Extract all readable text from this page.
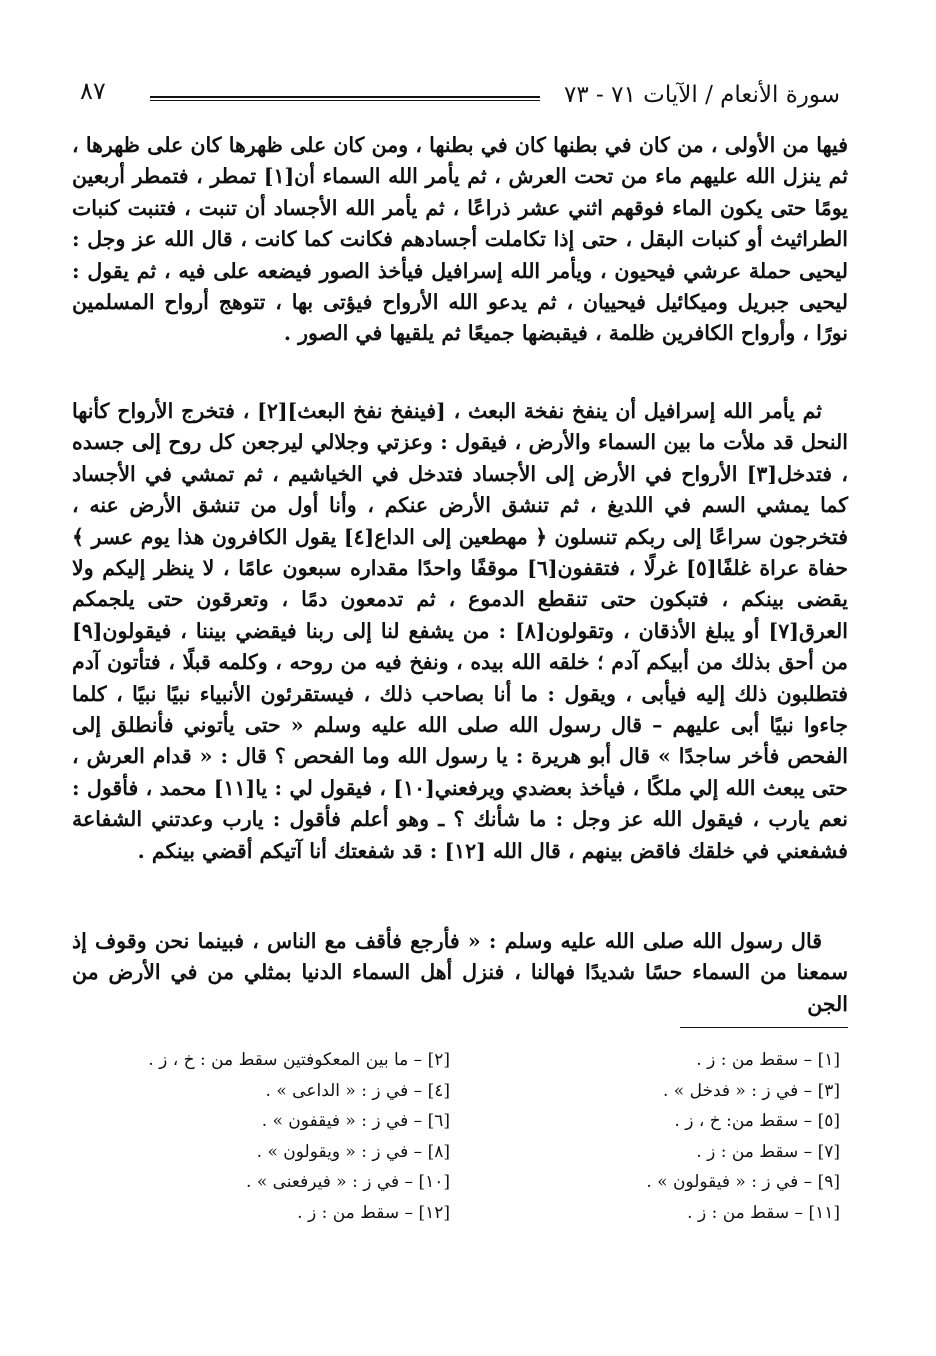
سورة الأنعام / الآيات ٧١ - ٧٣
٨٧

فيها من الأولى ، من كان في بطنها كان في بطنها ، ومن كان على ظهرها كان على ظهرها ، ثم ينزل الله عليهم ماء من تحت العرش ، ثم يأمر الله السماء أن[١] تمطر ، فتمطر أربعين يومًا حتى يكون الماء فوقهم اثني عشر ذراعًا ، ثم يأمر الله الأجساد أن تنبت ، فتنبت كنبات الطراثيث أو كنبات البقل ، حتى إذا تكاملت أجسادهم فكانت كما كانت ، قال الله عز وجل : ليحيى حملة عرشي فيحيون ، ويأمر الله إسرافيل فيأخذ الصور فيضعه على فيه ، ثم يقول : ليحيى جبريل وميكائيل فيحييان ، ثم يدعو الله الأرواح فيؤتى بها ، تتوهج أرواح المسلمين نورًا ، وأرواح الكافرين ظلمة ، فيقبضها جميعًا ثم يلقيها في الصور .

ثم يأمر الله إسرافيل أن ينفخ نفخة البعث ، [فينفخ نفخ البعث][٢] ، فتخرج الأرواح كأنها النحل قد ملأت ما بين السماء والأرض ، فيقول : وعزتي وجلالي ليرجعن كل روح إلى جسده ، فتدخل[٣] الأرواح في الأرض إلى الأجساد فتدخل في الخياشيم ، ثم تمشي في الأجساد كما يمشي السم في اللديغ ، ثم تنشق الأرض عنكم ، وأنا أول من تنشق الأرض عنه ، فتخرجون سراعًا إلى ربكم تنسلون ﴿ مهطعين إلى الداع[٤] يقول الكافرون هذا يوم عسر ﴾ حفاة عراة غلفًا[٥] غرلًا ، فتقفون[٦] موقفًا واحدًا مقداره سبعون عامًا ، لا ينظر إليكم ولا يقضى بينكم ، فتبكون حتى تنقطع الدموع ، ثم تدمعون دمًا ، وتعرقون حتى يلجمكم العرق[٧] أو يبلغ الأذقان ، وتقولون[٨] : من يشفع لنا إلى ربنا فيقضي بيننا ، فيقولون[٩] من أحق بذلك من أبيكم آدم ؛ خلقه الله بيده ، ونفخ فيه من روحه ، وكلمه قبلًا ، فتأتون آدم فتطلبون ذلك إليه فيأبى ، ويقول : ما أنا بصاحب ذلك ، فيستقرئون الأنبياء نبيًا نبيًا ، كلما جاءوا نبيًا أبى عليهم – قال رسول الله صلى الله عليه وسلم « حتى يأتوني فأنطلق إلى الفحص فأخر ساجدًا » قال أبو هريرة : يا رسول الله وما الفحص ؟ قال : « قدام العرش ، حتى يبعث الله إلي ملكًا ، فيأخذ بعضدي ويرفعني[١٠] ، فيقول لي : يا[١١] محمد ، فأقول : نعم يارب ، فيقول الله عز وجل : ما شأنك ؟ ـ وهو أعلم فأقول : يارب وعدتني الشفاعة فشفعني في خلقك فاقض بينهم ، قال الله [١٢] : قد شفعتك أنا آتيكم أقضي بينكم .

قال رسول الله صلى الله عليه وسلم : « فأرجع فأقف مع الناس ، فبينما نحن وقوف إذ سمعنا من السماء حسًا شديدًا فهالنا ، فنزل أهل السماء الدنيا بمثلي من في الأرض من الجن

[١] – سقط من : ز .
[٢] – ما بين المعكوفتين سقط من : خ ، ز .
[٣] – في ز : « فدخل » .
[٤] – في ز : « الداعى » .
[٥] – سقط من: خ ، ز .
[٦] – في ز : « فيقفون » .
[٧] – سقط من : ز .
[٨] – في ز : « ويقولون » .
[٩] – في ز : « فيقولون » .
[١٠] – في ز : « فيرفعنى » .
[١١] – سقط من : ز .
[١٢] – سقط من : ز .
